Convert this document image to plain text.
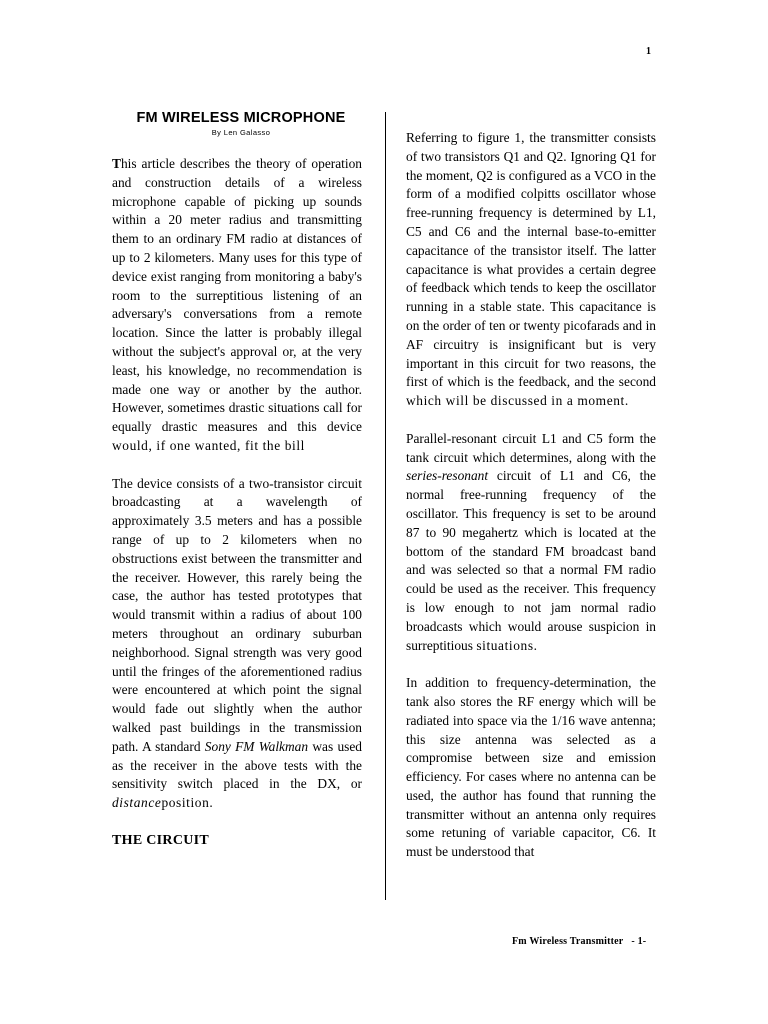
1
FM WIRELESS MICROPHONE
By Len Galasso

This article describes the theory of operation and construction details of a wireless microphone capable of picking up sounds within a 20 meter radius and transmitting them to an ordinary FM radio at distances of up to 2 kilometers. Many uses for this type of device exist ranging from monitoring a baby's room to the surreptitious listening of an adversary's conversations from a remote location. Since the latter is probably illegal without the subject's approval or, at the very least, his knowledge, no recommendation is made one way or another by the author. However, sometimes drastic situations call for equally drastic measures and this device would, if one wanted, fit the bill

The device consists of a two-transistor circuit broadcasting at a wavelength of approximately 3.5 meters and has a possible range of up to 2 kilometers when no obstructions exist between the transmitter and the receiver. However, this rarely being the case, the author has tested prototypes that would transmit within a radius of about 100 meters throughout an ordinary suburban neighborhood. Signal strength was very good until the fringes of the aforementioned radius were encountered at which point the signal would fade out slightly when the author walked past buildings in the transmission path. A standard Sony FM Walkman was used as the receiver in the above tests with the sensitivity switch placed in the DX, or distanceposition.

THE CIRCUIT

Referring to figure 1, the transmitter consists of two transistors Q1 and Q2. Ignoring Q1 for the moment, Q2 is configured as a VCO in the form of a modified colpitts oscillator whose free-running frequency is determined by L1, C5 and C6 and the internal base-to-emitter capacitance of the transistor itself. The latter capacitance is what provides a certain degree of feedback which tends to keep the oscillator running in a stable state. This capacitance is on the order of ten or twenty picofarads and in AF circuitry is insignificant but is very important in this circuit for two reasons, the first of which is the feedback, and the second which will be discussed in a moment.

Parallel-resonant circuit L1 and C5 form the tank circuit which determines, along with the series-resonant circuit of L1 and C6, the normal free-running frequency of the oscillator. This frequency is set to be around 87 to 90 megahertz which is located at the bottom of the standard FM broadcast band and was selected so that a normal FM radio could be used as the receiver. This frequency is low enough to not jam normal radio broadcasts which would arouse suspicion in surreptitious situations.

In addition to frequency-determination, the tank also stores the RF energy which will be radiated into space via the 1/16 wave antenna; this size antenna was selected as a compromise between size and emission efficiency. For cases where no antenna can be used, the author has found that running the transmitter without an antenna only requires some retuning of variable capacitor, C6. It must be understood that

Fm Wireless Transmitter   - 1-
